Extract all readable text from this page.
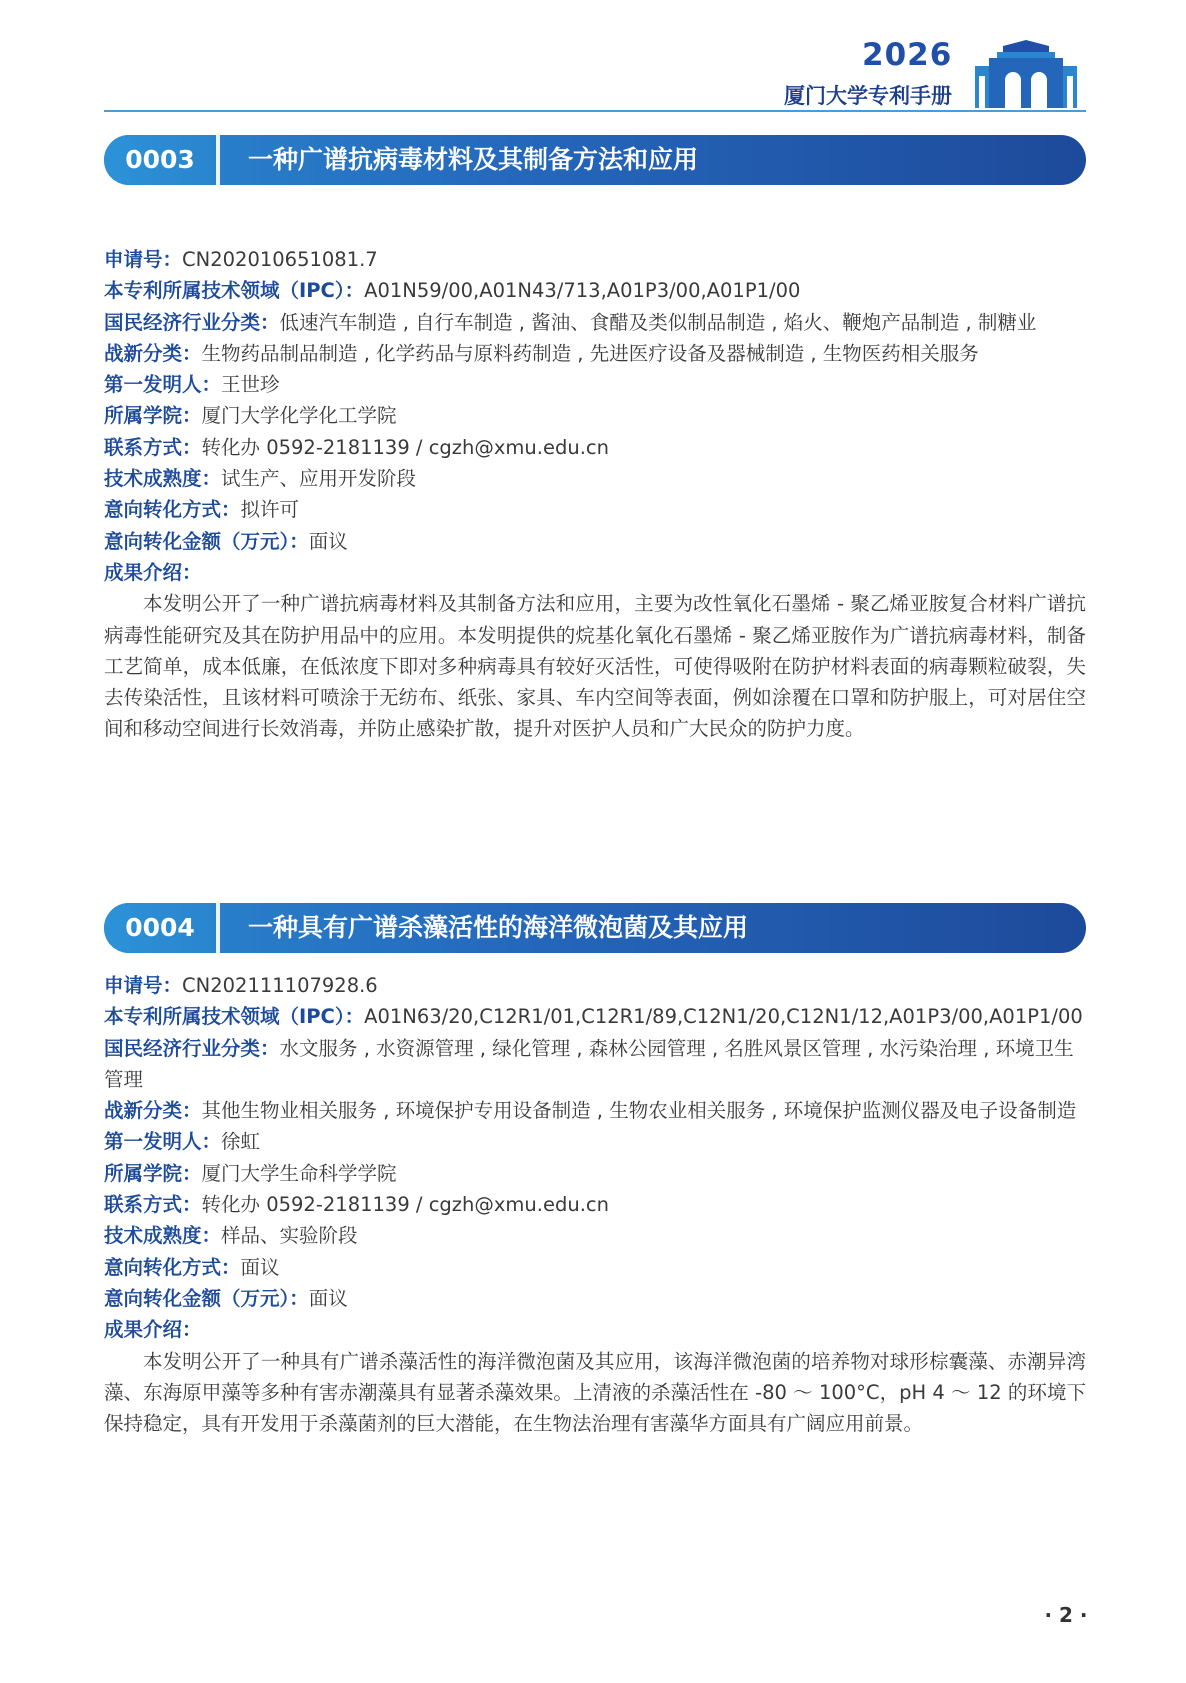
2026
厦门大学专利手册
0003	一种广谱抗病毒材料及其制备方法和应用

申请号：CN202010651081.7

本专利所属技术领域（IPC）：A01N59/00,A01N43/713,A01P3/00,A01P1/00

国民经济行业分类：低速汽车制造 , 自行车制造 , 酱油、食醋及类似制品制造 , 焰火、鞭炮产品制造 , 制糖业

战新分类：生物药品制品制造 , 化学药品与原料药制造 , 先进医疗设备及器械制造 , 生物医药相关服务

第一发明人：王世珍

所属学院：厦门大学化学化工学院

联系方式：转化办 0592-2181139 / cgzh@xmu.edu.cn

技术成熟度：试生产、应用开发阶段

意向转化方式：拟许可

意向转化金额（万元）：面议

成果介绍：

本发明公开了一种广谱抗病毒材料及其制备方法和应用，主要为改性氧化石墨烯 - 聚乙烯亚胺复合材料广谱抗病毒性能研究及其在防护用品中的应用。本发明提供的烷基化氧化石墨烯 - 聚乙烯亚胺作为广谱抗病毒材料，制备工艺简单，成本低廉，在低浓度下即对多种病毒具有较好灭活性，可使得吸附在防护材料表面的病毒颗粒破裂，失去传染活性，且该材料可喷涂于无纺布、纸张、家具、车内空间等表面，例如涂覆在口罩和防护服上，可对居住空间和移动空间进行长效消毒，并防止感染扩散，提升对医护人员和广大民众的防护力度。

0004	一种具有广谱杀藻活性的海洋微泡菌及其应用

申请号：CN202111107928.6

本专利所属技术领域（IPC）：A01N63/20,C12R1/01,C12R1/89,C12N1/20,C12N1/12,A01P3/00,A01P1/00

国民经济行业分类：水文服务 , 水资源管理 , 绿化管理 , 森林公园管理 , 名胜风景区管理 , 水污染治理 , 环境卫生管理

战新分类：其他生物业相关服务 , 环境保护专用设备制造 , 生物农业相关服务 , 环境保护监测仪器及电子设备制造

第一发明人：徐虹

所属学院：厦门大学生命科学学院

联系方式：转化办 0592-2181139 / cgzh@xmu.edu.cn

技术成熟度：样品、实验阶段

意向转化方式：面议

意向转化金额（万元）：面议

成果介绍：

本发明公开了一种具有广谱杀藻活性的海洋微泡菌及其应用，该海洋微泡菌的培养物对球形棕囊藻、赤潮异湾藻、东海原甲藻等多种有害赤潮藻具有显著杀藻效果。上清液的杀藻活性在 -80 ～ 100°C，pH 4 ～ 12 的环境下保持稳定，具有开发用于杀藻菌剂的巨大潜能，在生物法治理有害藻华方面具有广阔应用前景。

· 2 ·
